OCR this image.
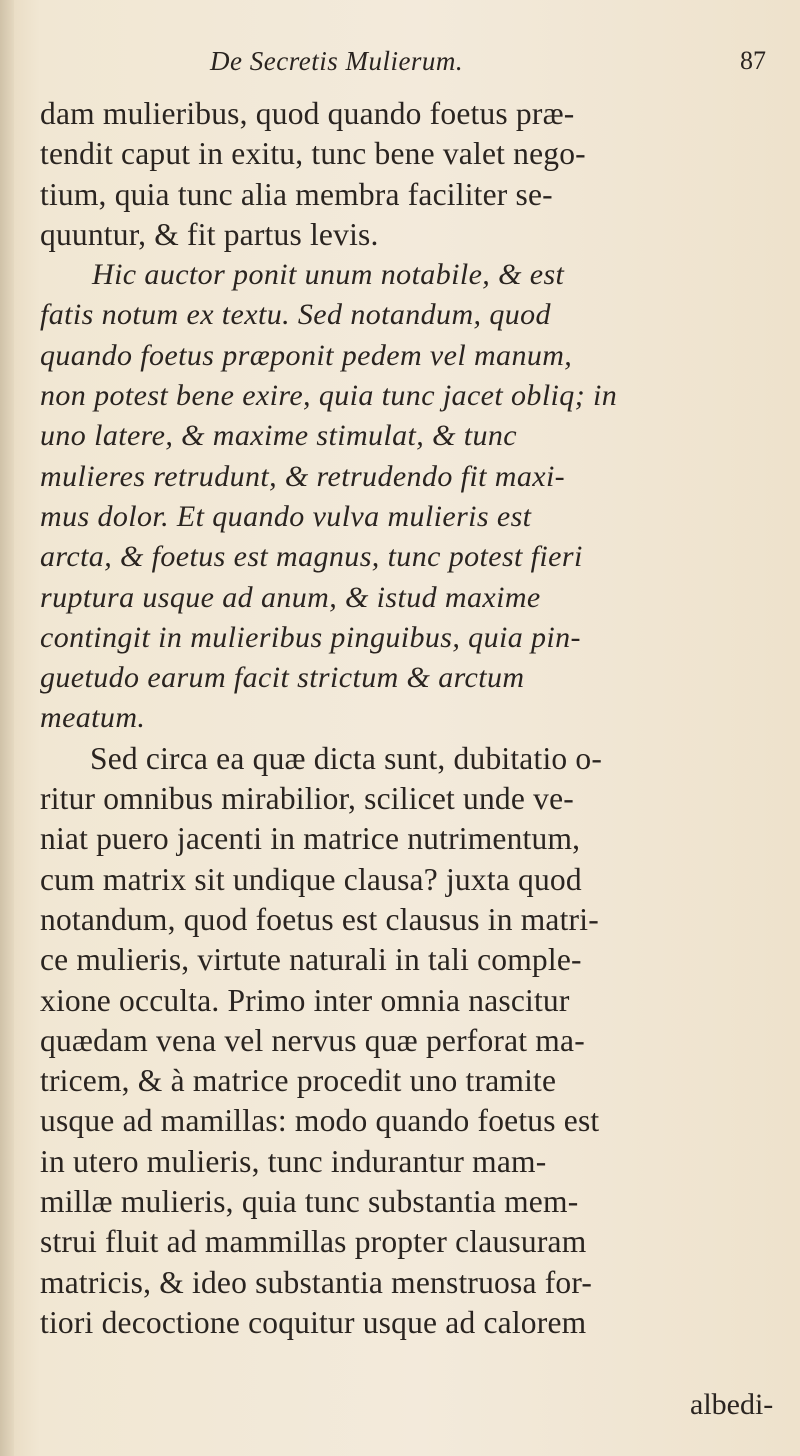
De Secretis Mulierum.	87
dam mulieribus, quod quando foetus præ-
tendit caput in exitu, tunc bene valet nego-
tium, quia tunc alia membra faciliter se-
quuntur, & fit partus levis.
Hic auctor ponit unum notabile, & est
fatis notum ex textu. Sed notandum, quod
quando foetus præponit pedem vel manum,
non potest bene exire, quia tunc jacet obliq; in
uno latere, & maxime stimulat, & tunc
mulieres retrudunt, & retrudendo fit maxi-
mus dolor. Et quando vulva mulieris est
arcta, & foetus est magnus, tunc potest fieri
ruptura usque ad anum, & istud maxime
contingit in mulieribus pinguibus, quia pin-
guetudo earum facit strictum & arctum
meatum.
Sed circa ea quæ dicta sunt, dubitatio o-
ritur omnibus mirabilior, scilicet unde ve-
niat puero jacenti in matrice nutrimentum,
cum matrix sit undique clausa? juxta quod
notandum, quod foetus est clausus in matri-
ce mulieris, virtute naturali in tali comple-
xione occulta. Primo inter omnia nascitur
quædam vena vel nervus quæ perforat ma-
tricem, & à matrice procedit uno tramite
usque ad mamillas: modo quando foetus est
in utero mulieris, tunc indurantur mam-
millæ mulieris, quia tunc substantia mem-
strui fluit ad mammillas propter clausuram
matricis, & ideo substantia menstruosa for-
tiori decoctione coquitur usque ad calorem
albedi-
